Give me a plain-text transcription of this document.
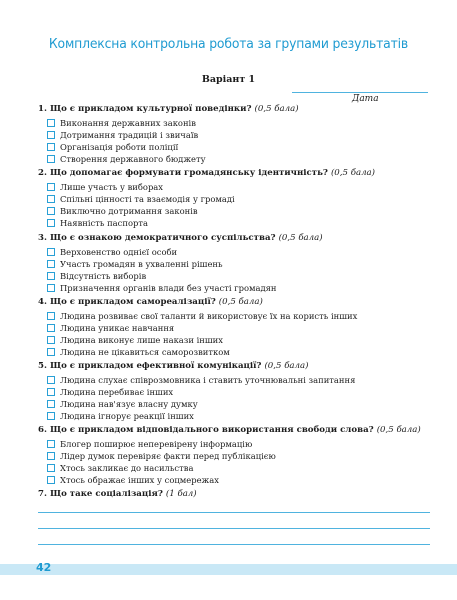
Комплексна контрольна робота за групами результатів
Варіант 1
Дата
1. Що є прикладом культурної поведінки? (0,5 бала)
Виконання державних законів
Дотримання традицій і звичаїв
Організація роботи поліції
Створення державного бюджету
2. Що допомагає формувати громадянську ідентичність? (0,5 бала)
Лише участь у виборах
Спільні цінності та взаємодія у громаді
Виключно дотримання законів
Наявність паспорта
3. Що є ознакою демократичного суспільства? (0,5 бала)
Верховенство однієї особи
Участь громадян в ухваленні рішень
Відсутність виборів
Призначення органів влади без участі громадян
4. Що є прикладом самореалізації? (0,5 бала)
Людина розвиває свої таланти й використовує їх на користь інших
Людина уникає навчання
Людина виконує лише накази інших
Людина не цікавиться саморозвитком
5. Що є прикладом ефективної комунікації? (0,5 бала)
Людина слухає співрозмовника і ставить уточнювальні запитання
Людина перебиває інших
Людина нав'язує власну думку
Людина ігнорує реакції інших
6. Що є прикладом відповідального використання свободи слова? (0,5 бала)
Блогер поширює неперевірену інформацію
Лідер думок перевіряє факти перед публікацією
Хтось закликає до насильства
Хтось ображає інших у соцмережах
7. Що таке соціалізація? (1 бал)
42
